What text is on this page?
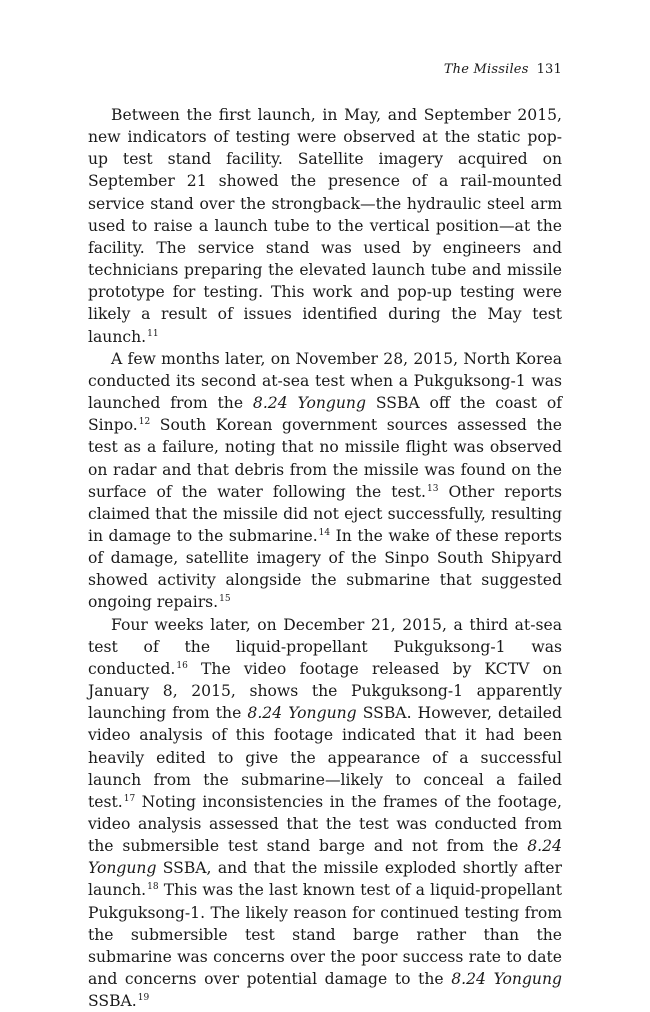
The Missiles 131

Between the first launch, in May, and September 2015, new indicators of testing were observed at the static pop-up test stand facility. Satellite imagery acquired on September 21 showed the presence of a rail-mounted service stand over the strongback—the hydraulic steel arm used to raise a launch tube to the vertical position—at the facility. The service stand was used by engineers and technicians preparing the elevated launch tube and missile prototype for testing. This work and pop-up testing were likely a result of issues identified during the May test launch.$^{11}$

A few months later, on November 28, 2015, North Korea conducted its second at-sea test when a Pukguksong-1 was launched from the 8.24 Yongung SSBA off the coast of Sinpo.$^{12}$ South Korean government sources assessed the test as a failure, noting that no missile flight was observed on radar and that debris from the missile was found on the surface of the water following the test.$^{13}$ Other reports claimed that the missile did not eject successfully, resulting in damage to the submarine.$^{14}$ In the wake of these reports of damage, satellite imagery of the Sinpo South Shipyard showed activity alongside the submarine that suggested ongoing repairs.$^{15}$

Four weeks later, on December 21, 2015, a third at-sea test of the liquid-propellant Pukguksong-1 was conducted.$^{16}$ The video footage released by KCTV on January 8, 2015, shows the Pukguksong-1 apparently launching from the 8.24 Yongung SSBA. However, detailed video analysis of this footage indicated that it had been heavily edited to give the appearance of a successful launch from the submarine—likely to conceal a failed test.$^{17}$ Noting inconsistencies in the frames of the footage, video analysis assessed that the test was conducted from the submersible test stand barge and not from the 8.24 Yongung SSBA, and that the missile exploded shortly after launch.$^{18}$ This was the last known test of a liquid-propellant Pukguksong-1. The likely reason for continued testing from the submersible test stand barge rather than the submarine was concerns over the poor success rate to date and concerns over potential damage to the 8.24 Yongung SSBA.$^{19}$
